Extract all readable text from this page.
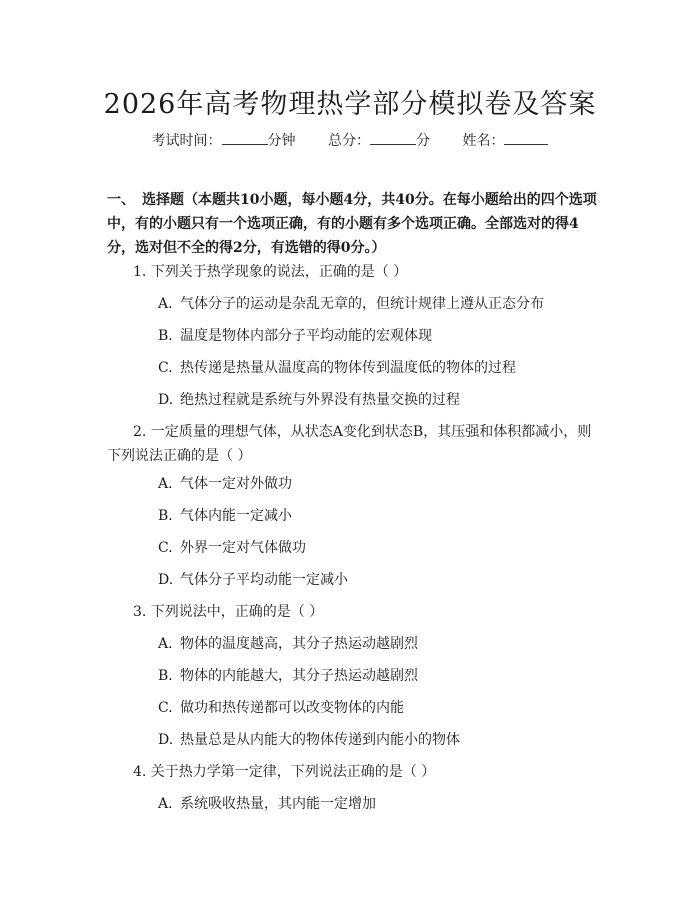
2026年高考物理热学部分模拟卷及答案
考试时间：	分钟 总分：	分 姓名：
一、　选择题（本题共10小题，每小题4分，共40分。在每小题给出的四个选项中，有的小题只有一个选项正确，有的小题有多个选项正确。全部选对的得4分，选对但不全的得2分，有选错的得0分。）
1. 下列关于热学现象的说法，正确的是（ ）
A. 气体分子的运动是杂乱无章的，但统计规律上遵从正态分布
B. 温度是物体内部分子平均动能的宏观体现
C. 热传递是热量从温度高的物体传到温度低的物体的过程
D. 绝热过程就是系统与外界没有热量交换的过程
2. 一定质量的理想气体，从状态A变化到状态B，其压强和体积都减小，则下列说法正确的是（ ）
A. 气体一定对外做功
B. 气体内能一定减小
C. 外界一定对气体做功
D. 气体分子平均动能一定减小
3. 下列说法中，正确的是（ ）
A. 物体的温度越高，其分子热运动越剧烈
B. 物体的内能越大，其分子热运动越剧烈
C. 做功和热传递都可以改变物体的内能
D. 热量总是从内能大的物体传递到内能小的物体
4. 关于热力学第一定律，下列说法正确的是（ ）
A. 系统吸收热量，其内能一定增加
